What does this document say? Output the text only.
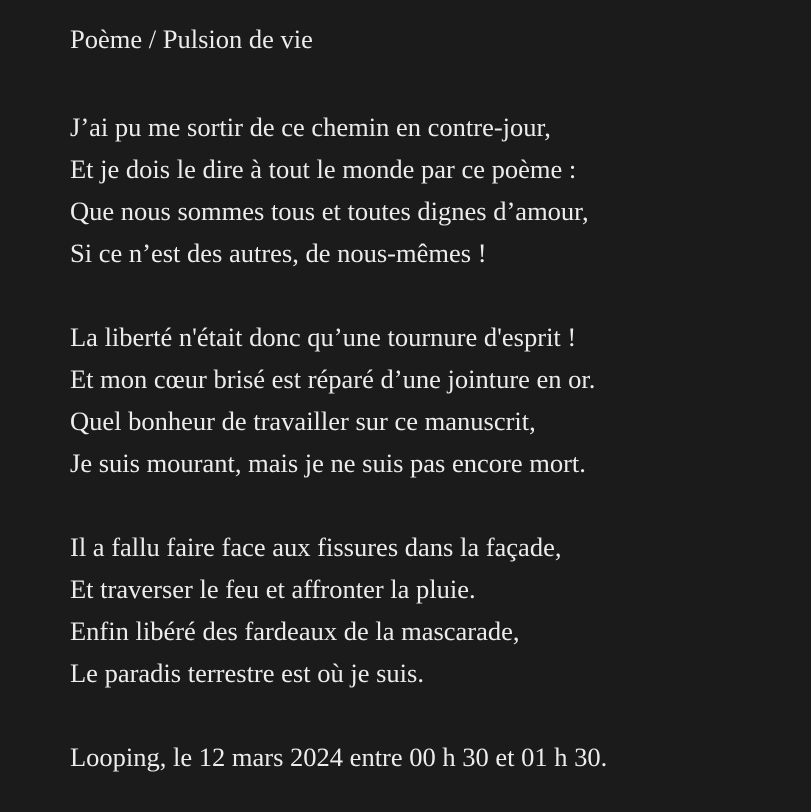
Poème / Pulsion de vie

J’ai pu me sortir de ce chemin en contre-jour,
Et je dois le dire à tout le monde par ce poème :
Que nous sommes tous et toutes dignes d’amour,
Si ce n’est des autres, de nous-mêmes !

La liberté n'était donc qu’une tournure d'esprit !
Et mon cœur brisé est réparé d’une jointure en or.
Quel bonheur de travailler sur ce manuscrit,
Je suis mourant, mais je ne suis pas encore mort.

Il a fallu faire face aux fissures dans la façade,
Et traverser le feu et affronter la pluie.
Enfin libéré des fardeaux de la mascarade,
Le paradis terrestre est où je suis.

Looping, le 12 mars 2024 entre 00 h 30 et 01 h 30.
